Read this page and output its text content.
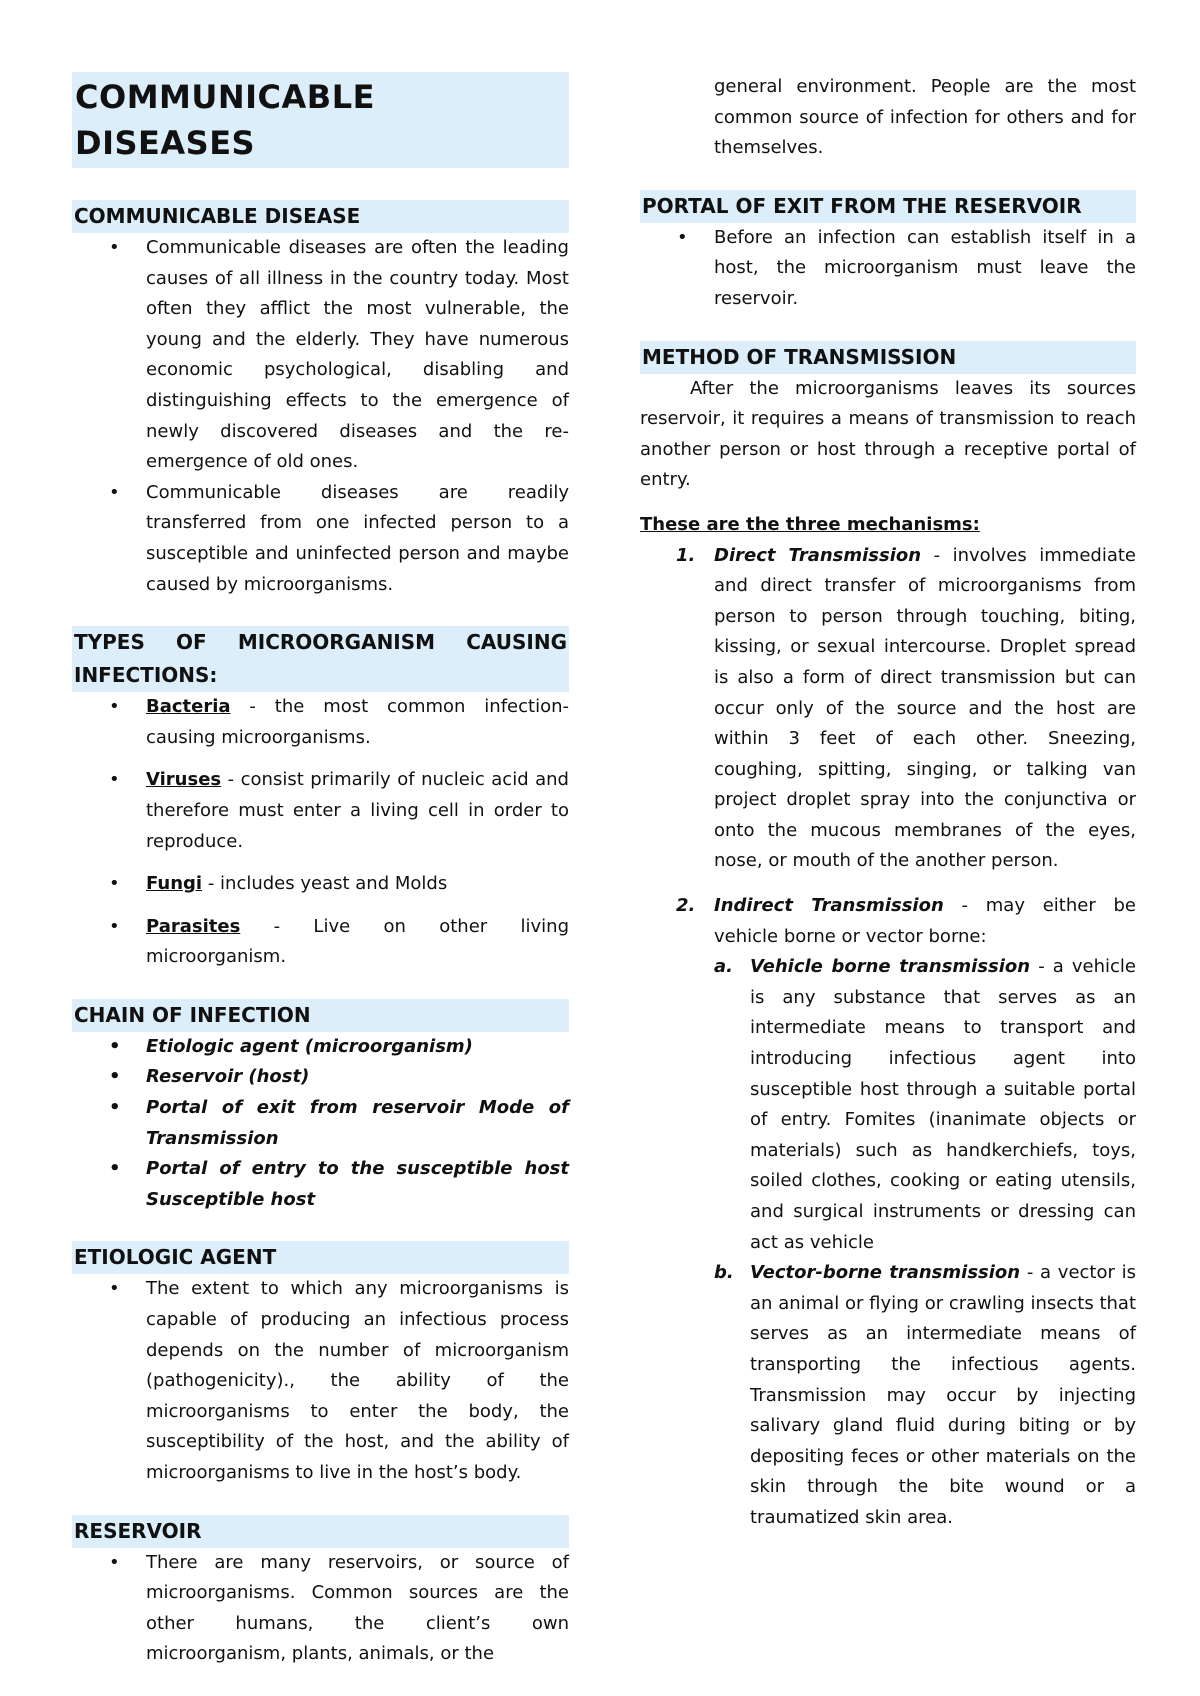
COMMUNICABLE DISEASES
COMMUNICABLE DISEASE
• Communicable diseases are often the leading causes of all illness in the country today. Most often they afflict the most vulnerable, the young and the elderly. They have numerous economic psychological, disabling and distinguishing effects to the emergence of newly discovered diseases and the re-emergence of old ones.
• Communicable diseases are readily transferred from one infected person to a susceptible and uninfected person and maybe caused by microorganisms.
TYPES OF MICROORGANISM CAUSING INFECTIONS:
• Bacteria - the most common infection-causing microorganisms.
• Viruses - consist primarily of nucleic acid and therefore must enter a living cell in order to reproduce.
• Fungi - includes yeast and Molds
• Parasites - Live on other living microorganism.
CHAIN OF INFECTION
• Etiologic agent (microorganism)
• Reservoir (host)
• Portal of exit from reservoir Mode of Transmission
• Portal of entry to the susceptible host Susceptible host
ETIOLOGIC AGENT
• The extent to which any microorganisms is capable of producing an infectious process depends on the number of microorganism (pathogenicity)., the ability of the microorganisms to enter the body, the susceptibility of the host, and the ability of microorganisms to live in the host’s body.
RESERVOIR
• There are many reservoirs, or source of microorganisms. Common sources are the other humans, the client’s own microorganism, plants, animals, or the

general environment. People are the most common source of infection for others and for themselves.

PORTAL OF EXIT FROM THE RESERVOIR
• Before an infection can establish itself in a host, the microorganism must leave the reservoir.
METHOD OF TRANSMISSION

After the microorganisms leaves its sources reservoir, it requires a means of transmission to reach another person or host through a receptive portal of entry.

These are the three mechanisms:

1. Direct Transmission - involves immediate and direct transfer of microorganisms from person to person through touching, biting, kissing, or sexual intercourse. Droplet spread is also a form of direct transmission but can occur only of the source and the host are within 3 feet of each other. Sneezing, coughing, spitting, singing, or talking van project droplet spray into the conjunctiva or onto the mucous membranes of the eyes, nose, or mouth of the another person.
2. Indirect Transmission - may either be vehicle borne or vector borne:
a. Vehicle borne transmission - a vehicle is any substance that serves as an intermediate means to transport and introducing infectious agent into susceptible host through a suitable portal of entry. Fomites (inanimate objects or materials) such as handkerchiefs, toys, soiled clothes, cooking or eating utensils, and surgical instruments or dressing can act as vehicle
b. Vector-borne transmission - a vector is an animal or flying or crawling insects that serves as an intermediate means of transporting the infectious agents. Transmission may occur by injecting salivary gland fluid during biting or by depositing feces or other materials on the skin through the bite wound or a traumatized skin area.
